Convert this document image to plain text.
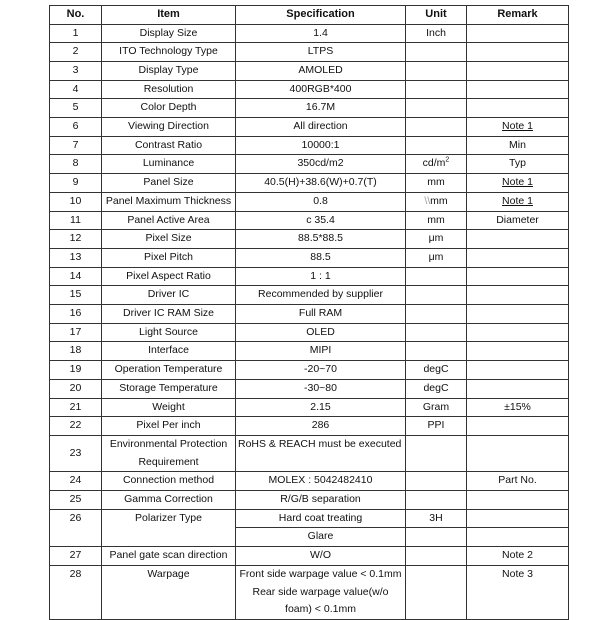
No.	Item	Specification	Unit	Remark
1	Display Size	1.4	Inch	
2	ITO Technology Type	LTPS		
3	Display Type	AMOLED		
4	Resolution	400RGB*400		
5	Color Depth	16.7M		
6	Viewing Direction	All direction		Note 1
7	Contrast Ratio	10000:1		Min
8	Luminance	350cd/m2	$cd/m^2$	Typ
9	Panel Size	40.5(H)+38.6(W)+0.7(T)	mm	Note 1
10	Panel Maximum Thickness	0.8	\\mm	Note 1
11	Panel Active Area	c 35.4	mm	Diameter
12	Pixel Size	88.5*88.5	μm	
13	Pixel Pitch	88.5	μm	
14	Pixel Aspect Ratio	1 : 1		
15	Driver IC	Recommended by supplier		
16	Driver IC RAM Size	Full RAM		
17	Light Source	OLED		
18	Interface	MIPI		
19	Operation Temperature	-20~70	degC	
20	Storage Temperature	-30~80	degC	
21	Weight	2.15	Gram	±15%
22	Pixel Per inch	286	PPI	
23	Environmental Protection
Requirement	RoHS & REACH must be executed		

24	Connection method	MOLEX : 5042482410		Part No.
25	Gamma Correction	R/G/B separation		
26	Polarizer Type	Hard coat treating	3H	
		Glare		
27	Panel gate scan direction	W/O		Note 2
28	Warpage	Front side warpage value < 0.1mm
Rear side warpage value(w/o
foam) < 0.1mm		Note 3
